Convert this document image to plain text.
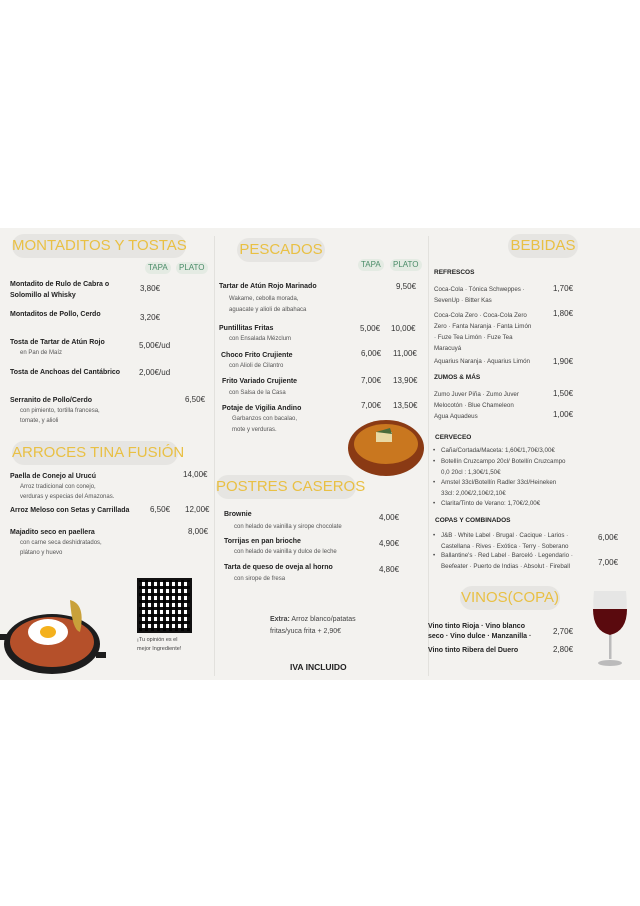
MONTADITOS Y TOSTAS
TAPA	PLATO
Montadito de Rulo de Cabra o
Solomillo al Whisky
3,80€
Montaditos de Pollo, Cerdo	3,20€
Tosta de Tartar de Atún Rojo
en Pan de Maíz
5,00€/ud
Tosta de Anchoas del Cantábrico 2,00€/ud
Serranito de Pollo/Cerdo
con pimiento, tortilla francesa,
tomate, y alioli
6,50€
ARROCES TINA FUSIÓN
Paella de Conejo al Urucú
Arroz tradicional con conejo,
verduras y especias del Amazonas.
14,00€
Arroz Meloso con Setas y Carrillada	6,50€ 12,00€
Majadito seco en paellera
con carne seca deshidratados,
plátano y huevo
8,00€
¡Tu opinión es el
mejor Ingrediente!
PESCADOS
TAPA	PLATO
Tartar de Atún Rojo Marinado
Wakame, cebolla morada,
aguacate y alioli de albahaca
9,50€
Puntillitas Fritas
con Ensalada Mézclum
5,00€ 10,00€
Choco Frito Crujiente
con Alioli de Cilantro
6,00€ 11,00€
Frito Variado Crujiente
con Salsa de la Casa
7,00€ 13,90€
Potaje de Vigilia Andino
Garbanzos con bacalao,
mote y verduras.
7,00€ 13,50€
POSTRES CASEROS
Brownie
con helado de vainilla y sirope chocolate
4,00€
Torrijas en pan brioche
con helado de vainilla y dulce de leche
4,90€
Tarta de queso de oveja al horno
con sirope de fresa
4,80€
Extra: Arroz blanco/patatas
fritas/yuca frita + 2,90€
IVA INCLUIDO
BEBIDAS
REFRESCOS
Coca-Cola · Tónica Schweppes ·
SevenUp · Bitter Kas
1,70€
Coca-Cola Zero · Coca-Cola Zero
Zero · Fanta Naranja · Fanta Limón
· Fuze Tea Limón · Fuze Tea
Maracuyá
1,80€
Aquarius Naranja · Aquarius Limón	1,90€
ZUMOS & MÁS
Zumo Juver Piña · Zumo Juver
Melocotón · Blue Chameleon
1,50€
Agua Aquadeus	1,00€
CERVECEO
• Caña/Cortada/Maceta: 1,60€/1,70€/3,00€
• Botellín Cruzcampo 20cl/ Botellín Cruzcampo
0,0 20cl : 1,30€/1,50€
• Amstel 33cl/Botellín Radler 33cl/Heineken
33cl: 2,00€/2,10€/2,10€
• Clarita/Tinto de Verano: 1,70€/2,00€
COPAS Y COMBINADOS
• J&B · White Label · Brugal · Cacique · Larios ·
Castellana · Rives · Exótica · Terry · Soberano
6,00€
• Ballantine's · Red Label · Barceló · Legendario ·
Beefeater · Puerto de Indias · Absolut · Fireball	7,00€
VINOS(COPA)
Vino tinto Rioja · Vino blanco
seco · Vino dulce · Manzanilla ·
2,70€
Vino tinto Ribera del Duero	2,80€
